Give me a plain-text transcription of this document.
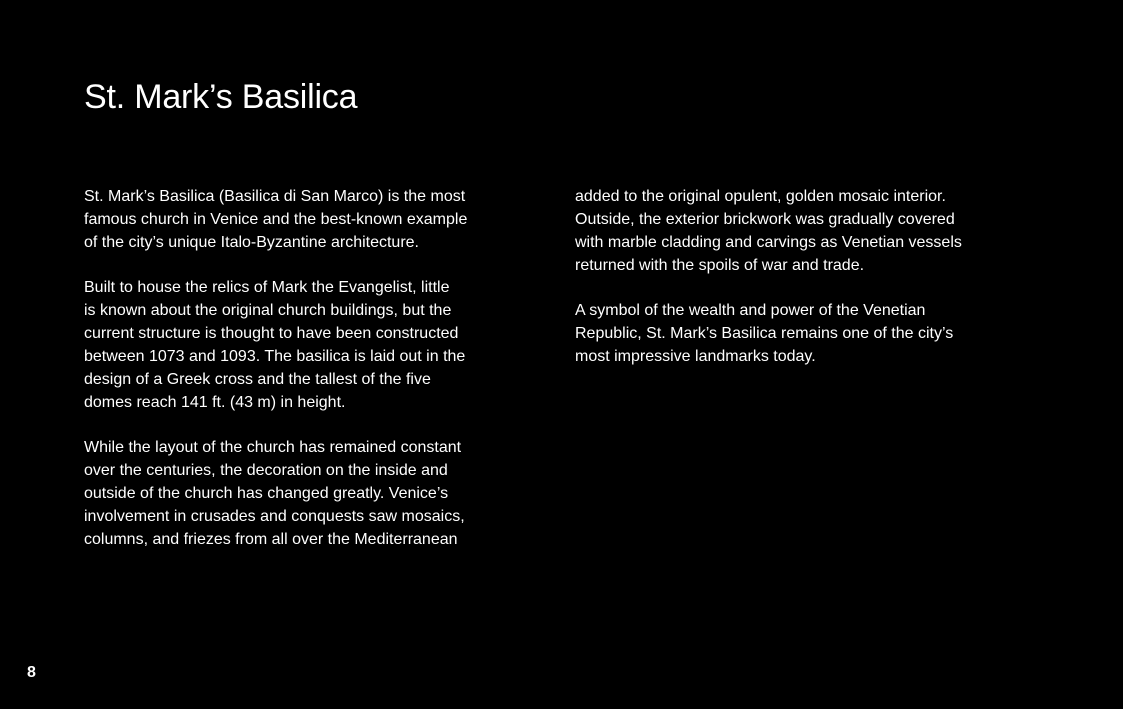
St. Mark’s Basilica

St. Mark’s Basilica (Basilica di San Marco) is the most
famous church in Venice and the best-known example
of the city’s unique Italo-Byzantine architecture.

Built to house the relics of Mark the Evangelist, little
is known about the original church buildings, but the
current structure is thought to have been constructed
between 1073 and 1093. The basilica is laid out in the
design of a Greek cross and the tallest of the five
domes reach 141 ft. (43 m) in height.

While the layout of the church has remained constant
over the centuries, the decoration on the inside and
outside of the church has changed greatly. Venice’s
involvement in crusades and conquests saw mosaics,
columns, and friezes from all over the Mediterranean

added to the original opulent, golden mosaic interior.
Outside, the exterior brickwork was gradually covered
with marble cladding and carvings as Venetian vessels
returned with the spoils of war and trade.

A symbol of the wealth and power of the Venetian
Republic, St. Mark’s Basilica remains one of the city’s
most impressive landmarks today.

8
